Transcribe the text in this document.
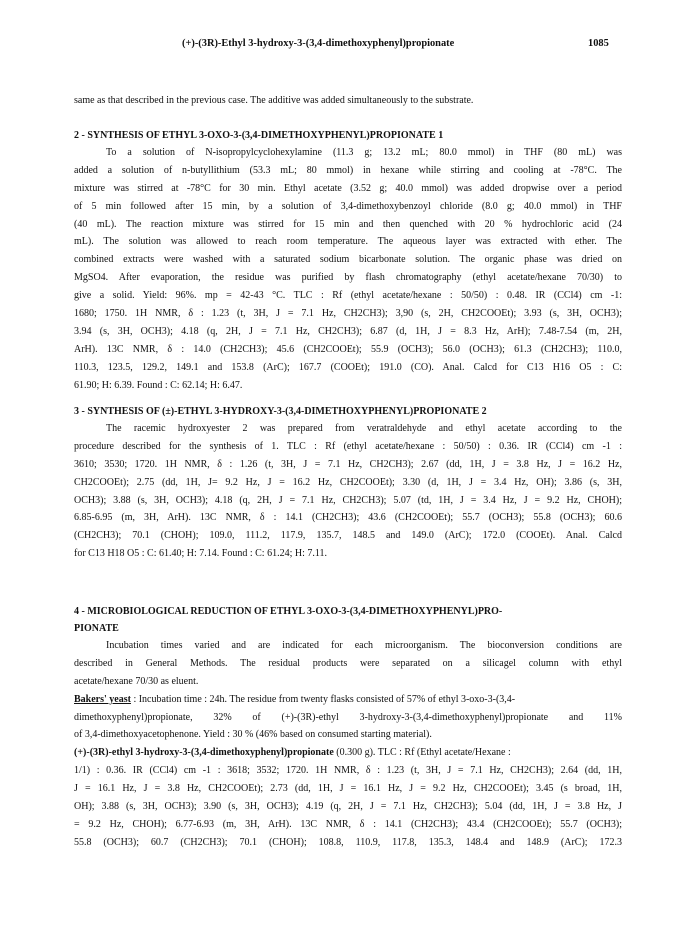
(+)-(3R)-Ethyl 3-hydroxy-3-(3,4-dimethoxyphenyl)propionate	1085
same as that described in the previous case. The additive was added simultaneously to the substrate.
2 - SYNTHESIS OF ETHYL 3-OXO-3-(3,4-DIMETHOXYPHENYL)PROPIONATE 1
To a solution of N-isopropylcyclohexylamine (11.3 g; 13.2 mL; 80.0 mmol) in THF (80 mL) was
added a solution of n-butyllithium (53.3 mL; 80 mmol) in hexane while stirring and cooling at -78°C. The
mixture was stirred at -78°C for 30 min. Ethyl acetate (3.52 g; 40.0 mmol) was added dropwise over a period
of 5 min followed after 15 min, by a solution of 3,4-dimethoxybenzoyl chloride (8.0 g; 40.0 mmol) in THF
(40 mL). The reaction mixture was stirred for 15 min and then quenched with 20 % hydrochloric acid (24
mL). The solution was allowed to reach room temperature. The aqueous layer was extracted with ether. The
combined extracts were washed with a saturated sodium bicarbonate solution. The organic phase was dried on
MgSO4. After evaporation, the residue was purified by flash chromatography (ethyl acetate/hexane 70/30) to
give a solid. Yield: 96%. mp = 42-43 °C. TLC : Rf (ethyl acetate/hexane : 50/50) : 0.48. IR (CCl4) cm -1:
1680; 1750. 1H NMR, δ : 1.23 (t, 3H, J = 7.1 Hz, CH2CH3); 3,90 (s, 2H, CH2COOEt); 3.93 (s, 3H, OCH3);
3.94 (s, 3H, OCH3); 4.18 (q, 2H, J = 7.1 Hz, CH2CH3); 6.87 (d, 1H, J = 8.3 Hz, ArH); 7.48-7.54 (m, 2H,
ArH). 13C NMR, δ : 14.0 (CH2CH3); 45.6 (CH2COOEt); 55.9 (OCH3); 56.0 (OCH3); 61.3 (CH2CH3); 110.0,
110.3, 123.5, 129.2, 149.1 and 153.8 (ArC); 167.7 (COOEt); 191.0 (CO). Anal. Calcd for C13 H16 O5 : C:
61.90; H: 6.39. Found : C: 62.14; H: 6.47.
3 - SYNTHESIS OF (±)-ETHYL 3-HYDROXY-3-(3,4-DIMETHOXYPHENYL)PROPIONATE 2
The racemic hydroxyester 2 was prepared from veratraldehyde and ethyl acetate according to the
procedure described for the synthesis of 1. TLC : Rf (ethyl acetate/hexane : 50/50) : 0.36. IR (CCl4) cm -1 :
3610; 3530; 1720. 1H NMR, δ : 1.26 (t, 3H, J = 7.1 Hz, CH2CH3); 2.67 (dd, 1H, J = 3.8 Hz, J = 16.2 Hz,
CH2COOEt); 2.75 (dd, 1H, J= 9.2 Hz, J = 16.2 Hz, CH2COOEt); 3.30 (d, 1H, J = 3.4 Hz, OH); 3.86 (s, 3H,
OCH3); 3.88 (s, 3H, OCH3); 4.18 (q, 2H, J = 7.1 Hz, CH2CH3); 5.07 (td, 1H, J = 3.4 Hz, J = 9.2 Hz, CHOH);
6.85-6.95 (m, 3H, ArH). 13C NMR, δ : 14.1 (CH2CH3); 43.6 (CH2COOEt); 55.7 (OCH3); 55.8 (OCH3); 60.6
(CH2CH3); 70.1 (CHOH); 109.0, 111.2, 117.9, 135.7, 148.5 and 149.0 (ArC); 172.0 (COOEt). Anal. Calcd
for C13 H18 O5 : C: 61.40; H: 7.14. Found : C: 61.24; H: 7.11.
4 - MICROBIOLOGICAL REDUCTION OF ETHYL 3-OXO-3-(3,4-DIMETHOXYPHENYL)PRO-
PIONATE
Incubation times varied and are indicated for each microorganism. The bioconversion conditions are
described in General Methods. The residual products were separated on a silicagel column with ethyl
acetate/hexane 70/30 as eluent.
Bakers' yeast : Incubation time : 24h. The residue from twenty flasks consisted of 57% of ethyl 3-oxo-3-(3,4-
dimethoxyphenyl)propionate, 32% of (+)-(3R)-ethyl 3-hydroxy-3-(3,4-dimethoxyphenyl)propionate and 11%
of 3,4-dimethoxyacetophenone. Yield : 30 % (46% based on consumed starting material).
(+)-(3R)-ethyl 3-hydroxy-3-(3,4-dimethoxyphenyl)propionate (0.300 g). TLC : Rf (Ethyl acetate/Hexane :
1/1) : 0.36. IR (CCl4) cm -1 : 3618; 3532; 1720. 1H NMR, δ : 1.23 (t, 3H, J = 7.1 Hz, CH2CH3); 2.64 (dd, 1H,
J = 16.1 Hz, J = 3.8 Hz, CH2COOEt); 2.73 (dd, 1H, J = 16.1 Hz, J = 9.2 Hz, CH2COOEt); 3.45 (s broad, 1H,
OH); 3.88 (s, 3H, OCH3); 3.90 (s, 3H, OCH3); 4.19 (q, 2H, J = 7.1 Hz, CH2CH3); 5.04 (dd, 1H, J = 3.8 Hz, J
= 9.2 Hz, CHOH); 6.77-6.93 (m, 3H, ArH). 13C NMR, δ : 14.1 (CH2CH3); 43.4 (CH2COOEt); 55.7 (OCH3);
55.8 (OCH3); 60.7 (CH2CH3); 70.1 (CHOH); 108.8, 110.9, 117.8, 135.3, 148.4 and 148.9 (ArC); 172.3
